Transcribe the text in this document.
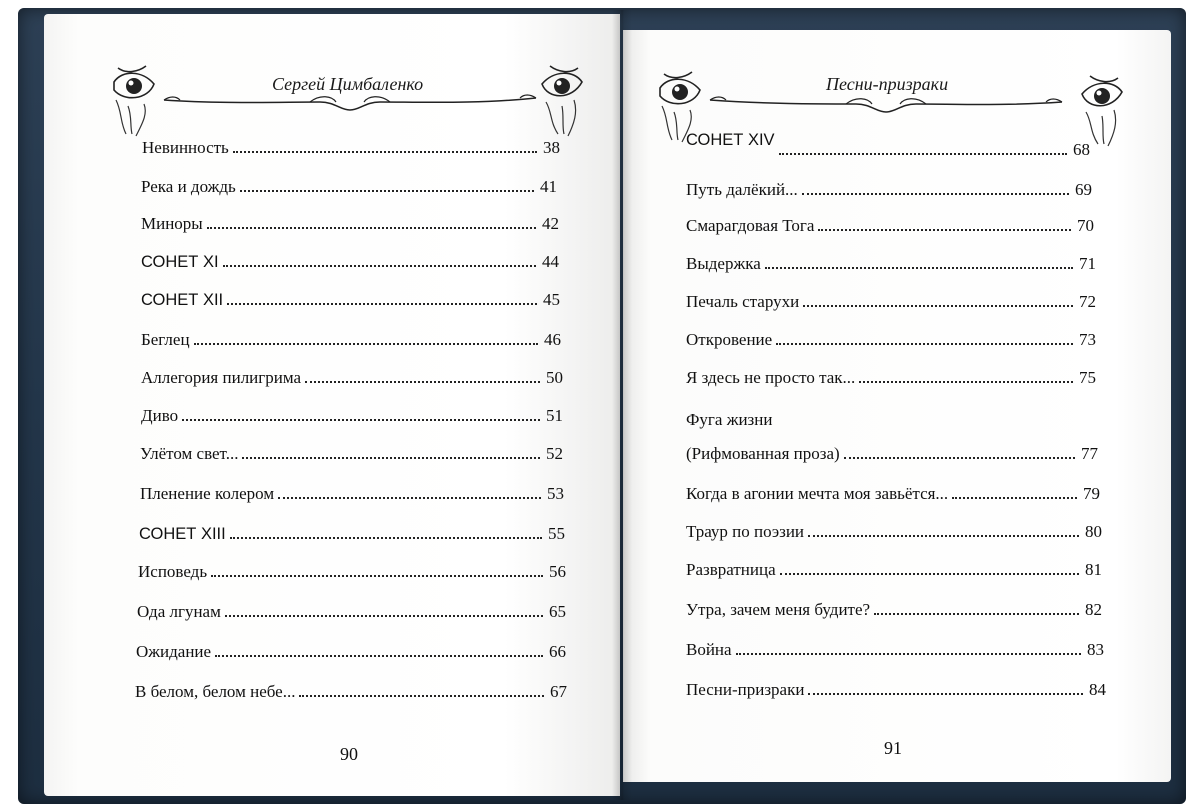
Сергей Цимбаленко	Песни-призраки
Невинность	38
Река и дождь	41
Миноры	42
СОНЕТ XI	44
СОНЕТ XII	45
Беглец	46
Аллегория пилигрима	50
Диво	51
Улётом свет...	52
Пленение колером	53
СОНЕТ XIII	55
Исповедь	56
Ода лгунам	65
Ожидание	66
В белом, белом небе...	67
СОНЕТ XIV	68
Путь далёкий...	69
Смарагдовая Тога	70
Выдержка	71
Печаль старухи	72
Откровение	73
Я здесь не просто так...	75
Фуга жизни
(Рифмованная проза)	77
Когда в агонии мечта моя завьётся...	79
Траур по поэзии	80
Развратница	81
Утра, зачем меня будите?	82
Война	83
Песни-призраки	84
90	91
